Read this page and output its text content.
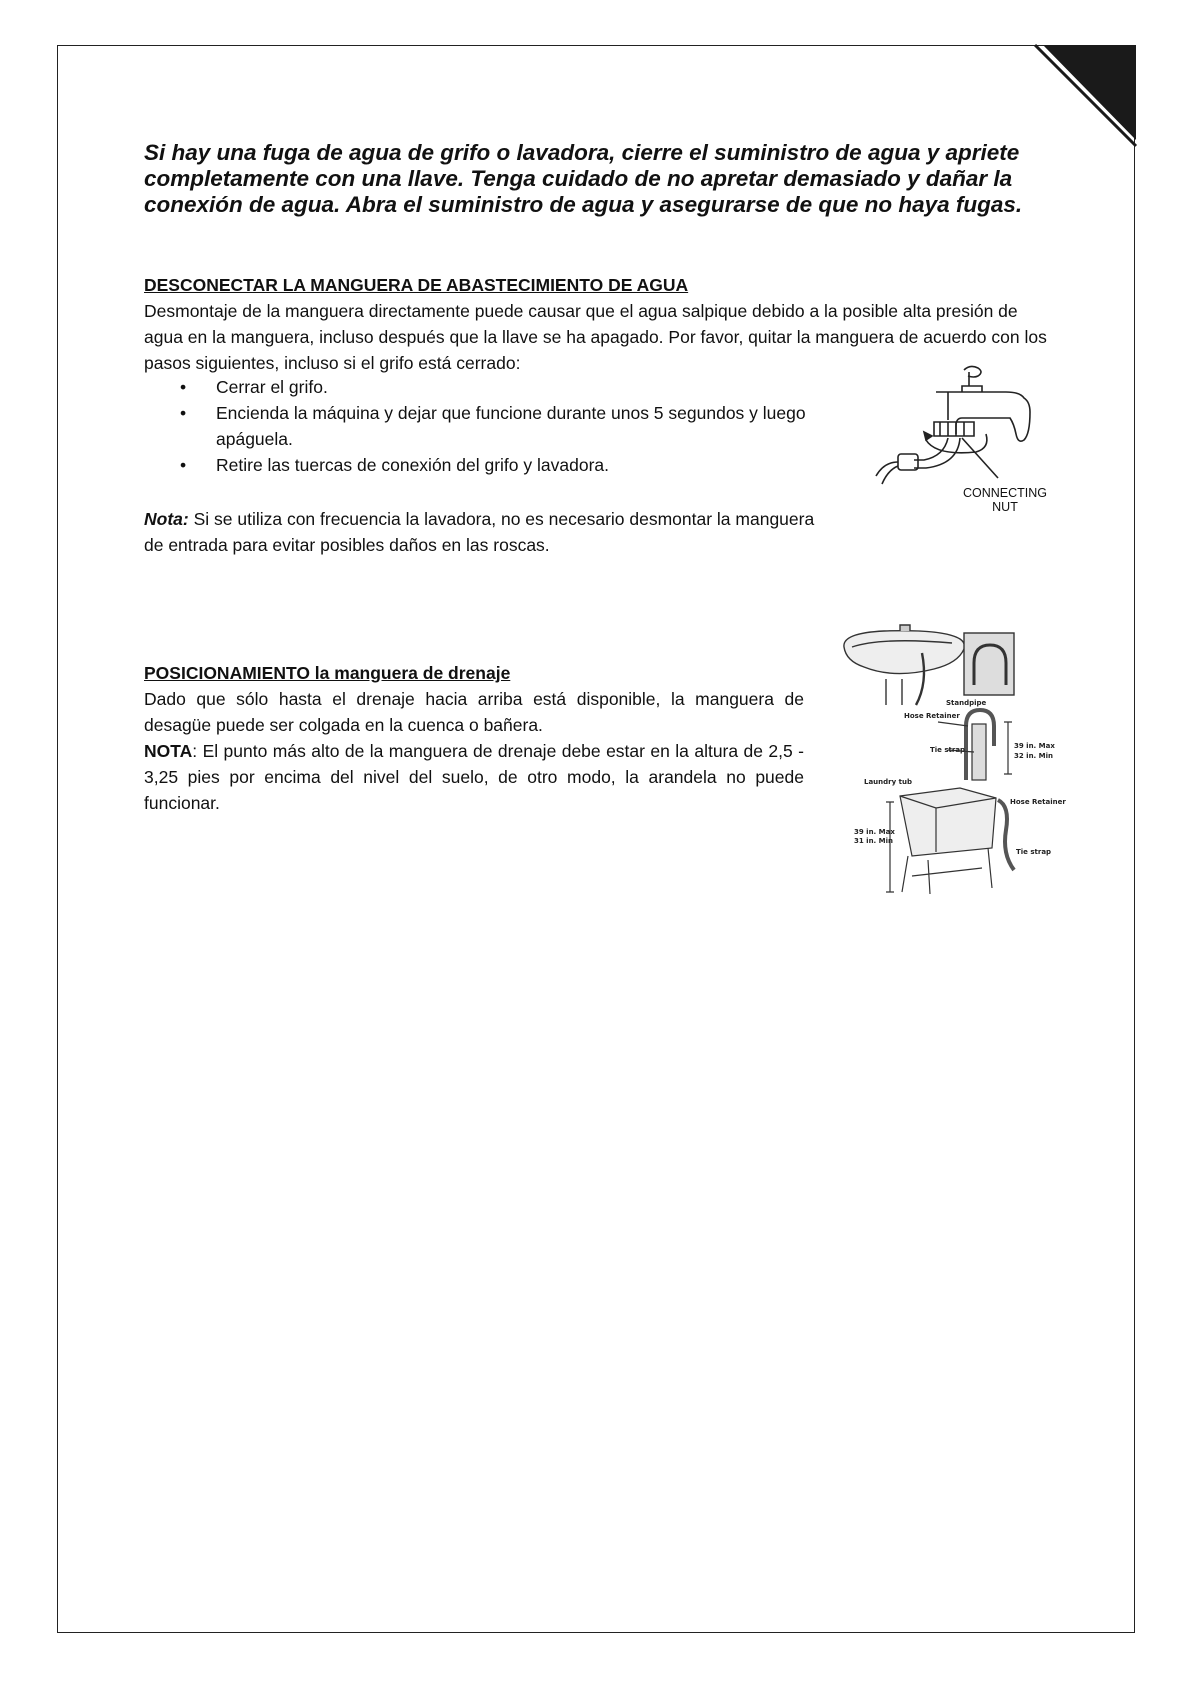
Si hay una fuga de agua de grifo o lavadora, cierre el suministro de agua y apriete completamente con una llave. Tenga cuidado de no apretar demasiado y dañar la conexión de agua. Abra el suministro de agua y asegurarse de que no haya fugas.

DESCONECTAR LA MANGUERA DE ABASTECIMIENTO DE AGUA

Desmontaje de la manguera directamente puede causar que el agua salpique debido a la posible alta presión de agua en la manguera, incluso después que la llave se ha apagado. Por favor, quitar la manguera de acuerdo con los pasos siguientes, incluso si el grifo está cerrado:

• Cerrar el grifo.
• Encienda la máquina y dejar que funcione durante unos 5 segundos y luego apáguela.
• Retire las tuercas de conexión del grifo y lavadora.

Nota: Si se utiliza con frecuencia la lavadora, no es necesario desmontar la manguera de entrada para evitar posibles daños en las roscas.

CONNECTING NUT
Standpipe
Hose Retainer
Tie strap	39 in. Max
32 in. Min
Laundry tub
Hose Retainer
39 in. Max
31 in. Min
Tie strap
POSICIONAMIENTO la manguera de drenaje

Dado que sólo hasta el drenaje hacia arriba está disponible, la manguera de desagüe puede ser colgada en la cuenca o bañera.

NOTA: El punto más alto de la manguera de drenaje debe estar en la altura de 2,5 - 3,25 pies por encima del nivel del suelo, de otro modo, la arandela no puede funcionar.
